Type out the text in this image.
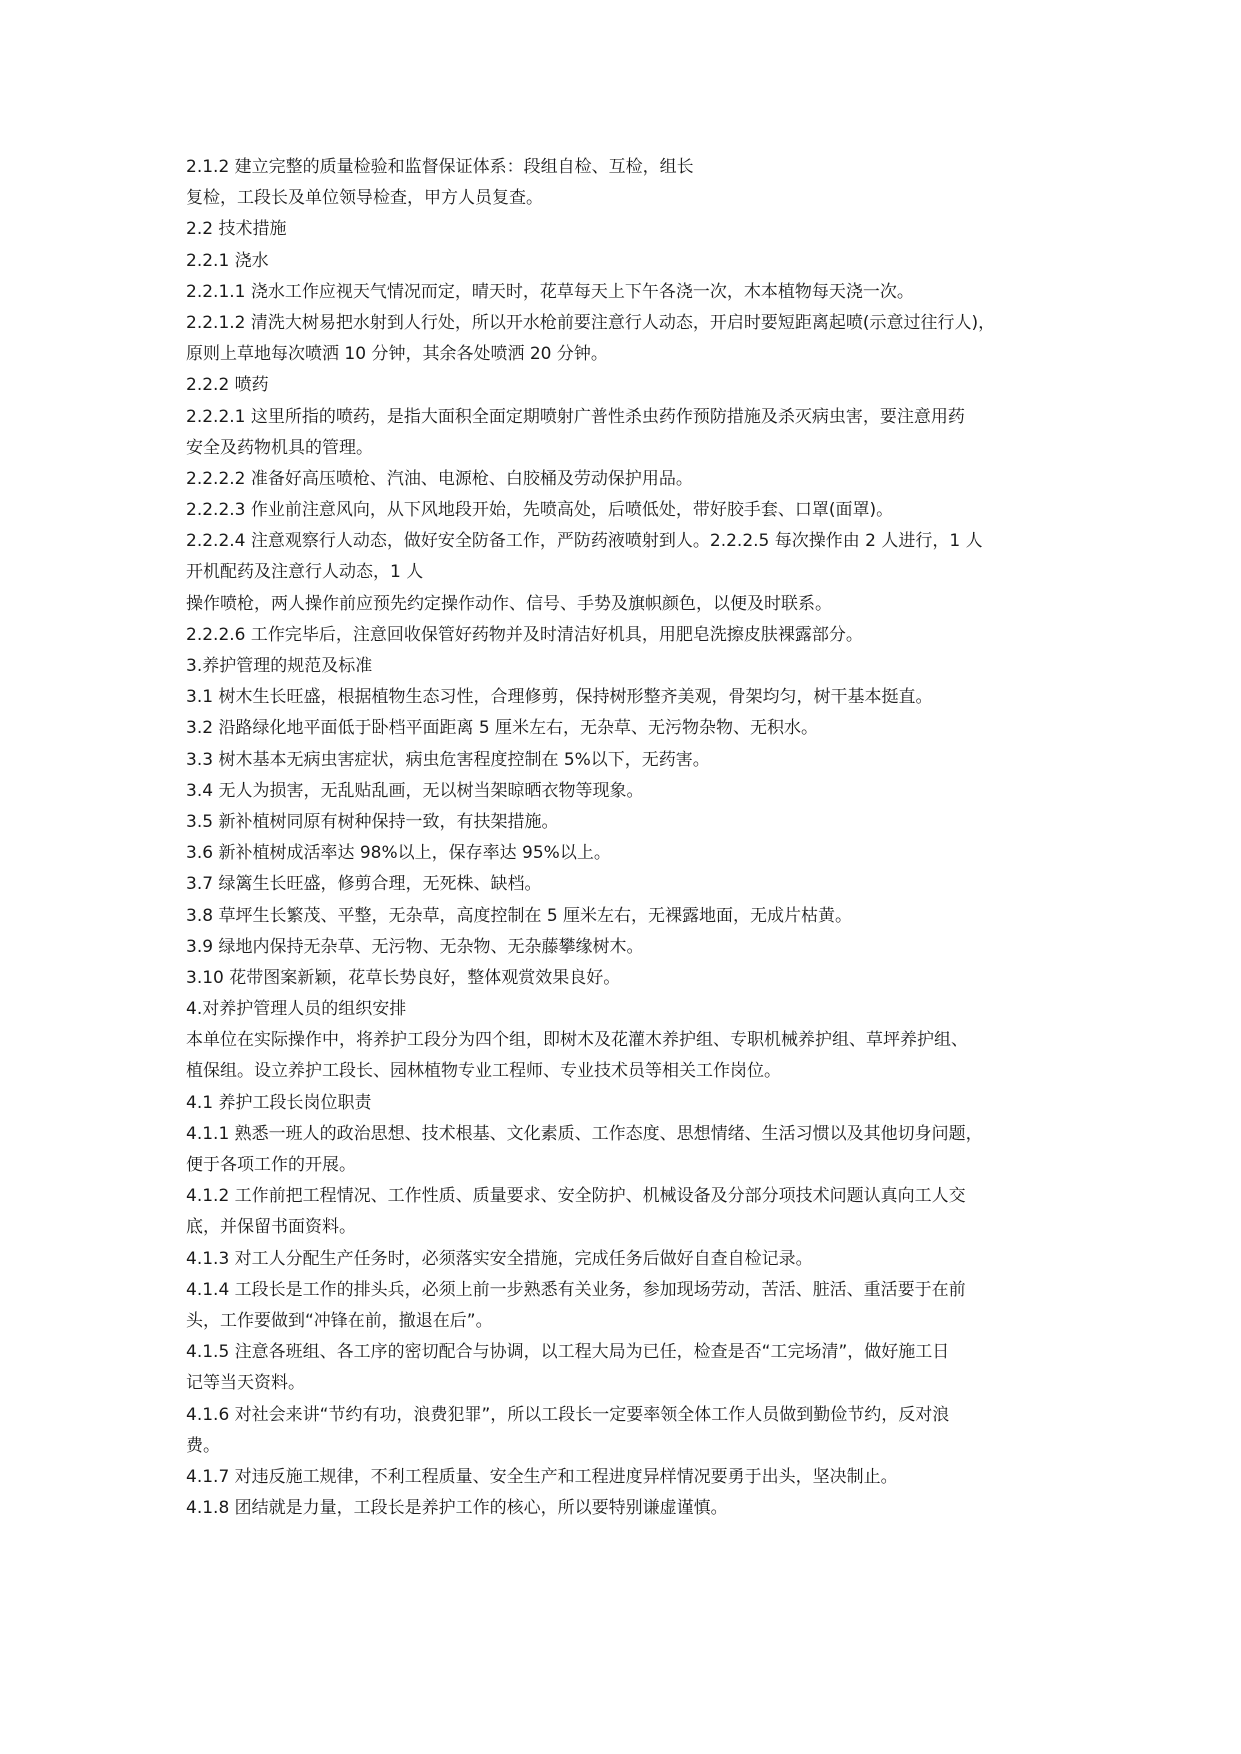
2.1.2 建立完整的质量检验和监督保证体系：段组自检、互检，组长
复检，工段长及单位领导检查，甲方人员复查。
2.2 技术措施
2.2.1 浇水
2.2.1.1 浇水工作应视天气情况而定，晴天时，花草每天上下午各浇一次，木本植物每天浇一次。
2.2.1.2 清洗大树易把水射到人行处，所以开水枪前要注意行人动态，开启时要短距离起喷(示意过往行人)，
原则上草地每次喷洒 10 分钟，其余各处喷洒 20 分钟。
2.2.2 喷药
2.2.2.1 这里所指的喷药，是指大面积全面定期喷射广普性杀虫药作预防措施及杀灭病虫害，要注意用药
安全及药物机具的管理。
2.2.2.2 准备好高压喷枪、汽油、电源枪、白胶桶及劳动保护用品。
2.2.2.3 作业前注意风向，从下风地段开始，先喷高处，后喷低处，带好胶手套、口罩(面罩)。
2.2.2.4 注意观察行人动态，做好安全防备工作，严防药液喷射到人。2.2.2.5 每次操作由 2 人进行，1 人
开机配药及注意行人动态，1 人
操作喷枪，两人操作前应预先约定操作动作、信号、手势及旗帜颜色，以便及时联系。
2.2.2.6 工作完毕后，注意回收保管好药物并及时清洁好机具，用肥皂洗擦皮肤裸露部分。
3.养护管理的规范及标准
3.1 树木生长旺盛，根据植物生态习性，合理修剪，保持树形整齐美观，骨架均匀，树干基本挺直。
3.2 沿路绿化地平面低于卧档平面距离 5 厘米左右，无杂草、无污物杂物、无积水。
3.3 树木基本无病虫害症状，病虫危害程度控制在 5%以下，无药害。
3.4 无人为损害，无乱贴乱画，无以树当架晾晒衣物等现象。
3.5 新补植树同原有树种保持一致，有扶架措施。
3.6 新补植树成活率达 98%以上，保存率达 95%以上。
3.7 绿篱生长旺盛，修剪合理，无死株、缺档。
3.8 草坪生长繁茂、平整，无杂草，高度控制在 5 厘米左右，无裸露地面，无成片枯黄。
3.9 绿地内保持无杂草、无污物、无杂物、无杂藤攀缘树木。
3.10 花带图案新颖，花草长势良好，整体观赏效果良好。
4.对养护管理人员的组织安排
本单位在实际操作中，将养护工段分为四个组，即树木及花灌木养护组、专职机械养护组、草坪养护组、
植保组。设立养护工段长、园林植物专业工程师、专业技术员等相关工作岗位。
4.1 养护工段长岗位职责
4.1.1 熟悉一班人的政治思想、技术根基、文化素质、工作态度、思想情绪、生活习惯以及其他切身问题，
便于各项工作的开展。
4.1.2 工作前把工程情况、工作性质、质量要求、安全防护、机械设备及分部分项技术问题认真向工人交
底，并保留书面资料。
4.1.3 对工人分配生产任务时，必须落实安全措施，完成任务后做好自查自检记录。
4.1.4 工段长是工作的排头兵，必须上前一步熟悉有关业务，参加现场劳动，苦活、脏活、重活要于在前
头，工作要做到“冲锋在前，撤退在后”。
4.1.5 注意各班组、各工序的密切配合与协调，以工程大局为已任，检查是否“工完场清”，做好施工日
记等当天资料。
4.1.6 对社会来讲“节约有功，浪费犯罪”，所以工段长一定要率领全体工作人员做到勤俭节约，反对浪
费。
4.1.7 对违反施工规律，不利工程质量、安全生产和工程进度异样情况要勇于出头，坚决制止。
4.1.8 团结就是力量，工段长是养护工作的核心，所以要特别谦虚谨慎。
